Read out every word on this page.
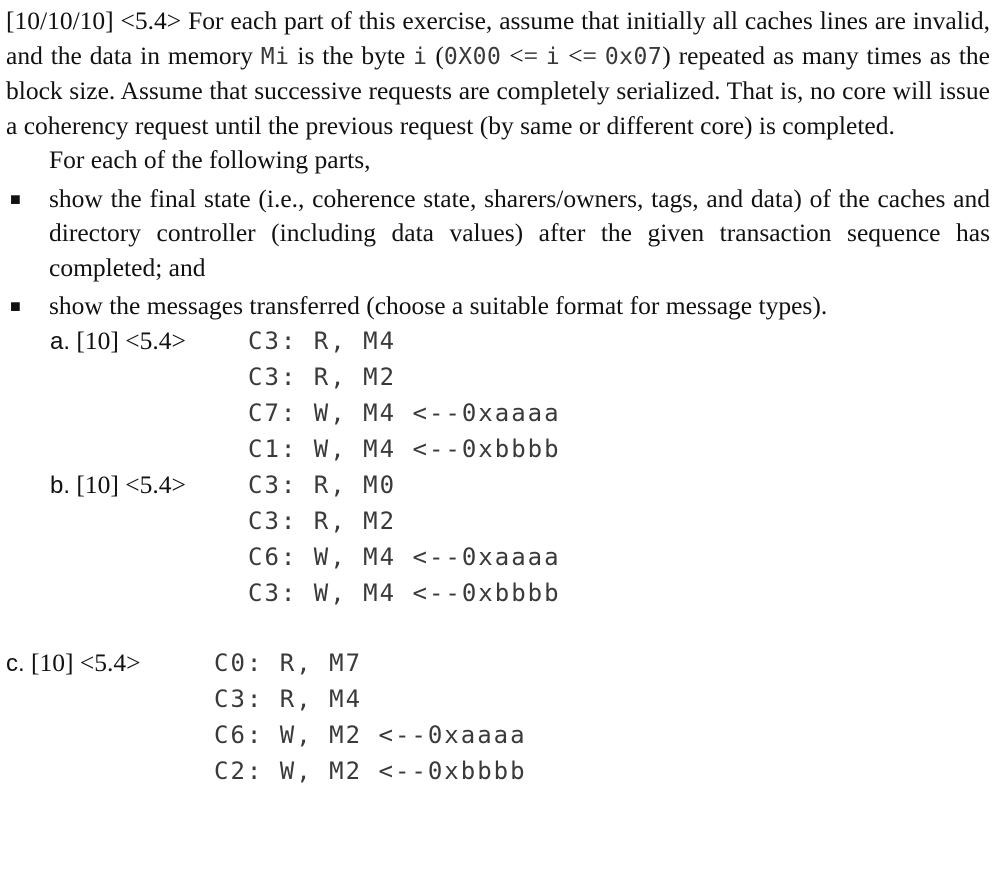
[10/10/10] <5.4> For each part of this exercise, assume that initially all caches lines are invalid, and the data in memory Mi is the byte i (0X00 <= i <= 0x07) repeated as many times as the block size. Assume that successive requests are completely serialized. That is, no core will issue a coherency request until the previous request (by same or different core) is completed.
For each of the following parts,
■	show the final state (i.e., coherence state, sharers/owners, tags, and data) of the caches and directory controller (including data values) after the given transaction sequence has completed; and
■	show the messages transferred (choose a suitable format for message types).
a. [10] <5.4>	C3: R, M4
C3: R, M2
C7: W, M4 <--0xaaaa
C1: W, M4 <--0xbbbb
b. [10] <5.4>	C3: R, M0
C3: R, M2
C6: W, M4 <--0xaaaa
C3: W, M4 <--0xbbbb
c. [10] <5.4>	C0: R, M7
C3: R, M4
C6: W, M2 <--0xaaaa
C2: W, M2 <--0xbbbb
